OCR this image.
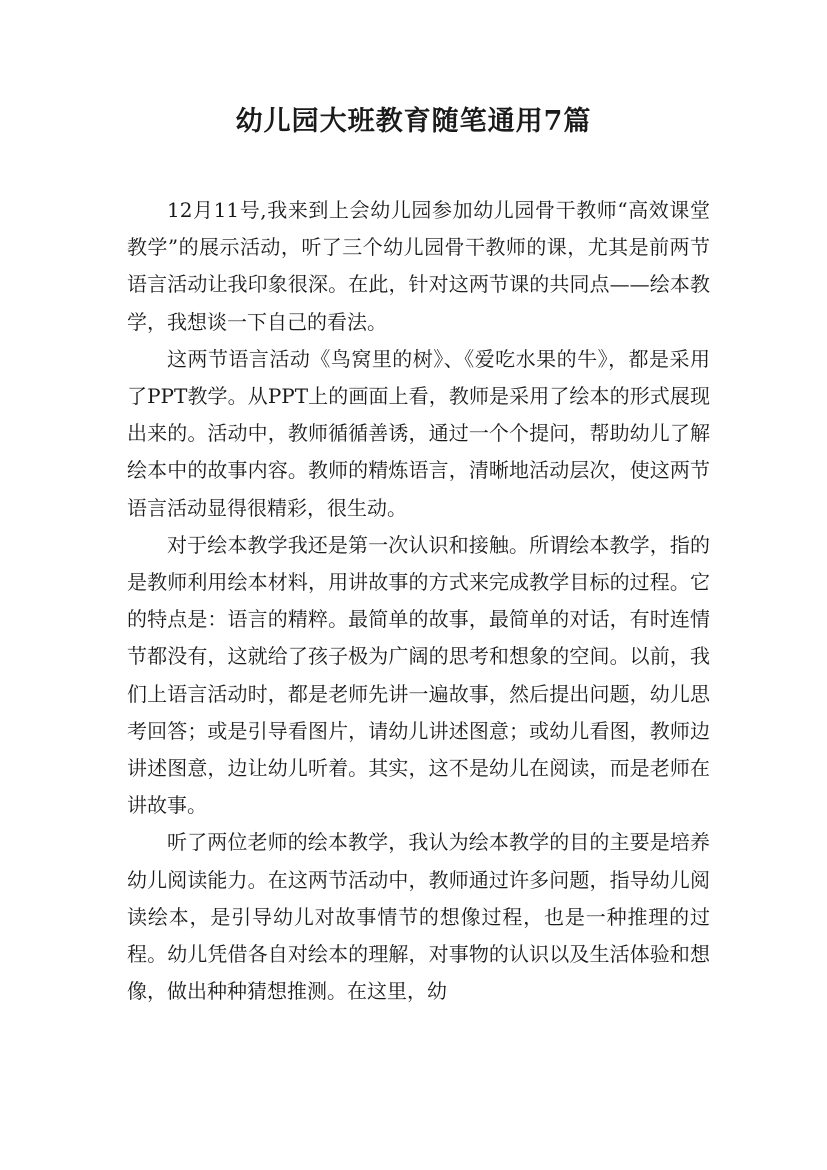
幼儿园大班教育随笔通用7篇

12月11号,我来到上会幼儿园参加幼儿园骨干教师“高效课堂教学”的展示活动，听了三个幼儿园骨干教师的课，尤其是前两节语言活动让我印象很深。在此，针对这两节课的共同点——绘本教学，我想谈一下自己的看法。

这两节语言活动《鸟窝里的树》、《爱吃水果的牛》，都是采用了PPT教学。从PPT上的画面上看，教师是采用了绘本的形式展现出来的。活动中，教师循循善诱，通过一个个提问，帮助幼儿了解绘本中的故事内容。教师的精炼语言，清晰地活动层次，使这两节语言活动显得很精彩，很生动。

对于绘本教学我还是第一次认识和接触。所谓绘本教学，指的是教师利用绘本材料，用讲故事的方式来完成教学目标的过程。它的特点是：语言的精粹。最简单的故事，最简单的对话，有时连情节都没有，这就给了孩子极为广阔的思考和想象的空间。以前，我们上语言活动时，都是老师先讲一遍故事，然后提出问题，幼儿思考回答；或是引导看图片，请幼儿讲述图意；或幼儿看图，教师边讲述图意，边让幼儿听着。其实，这不是幼儿在阅读，而是老师在讲故事。

听了两位老师的绘本教学，我认为绘本教学的目的主要是培养幼儿阅读能力。在这两节活动中，教师通过许多问题，指导幼儿阅读绘本，是引导幼儿对故事情节的想像过程，也是一种推理的过程。幼儿凭借各自对绘本的理解，对事物的认识以及生活体验和想像，做出种种猜想推测。在这里，幼
